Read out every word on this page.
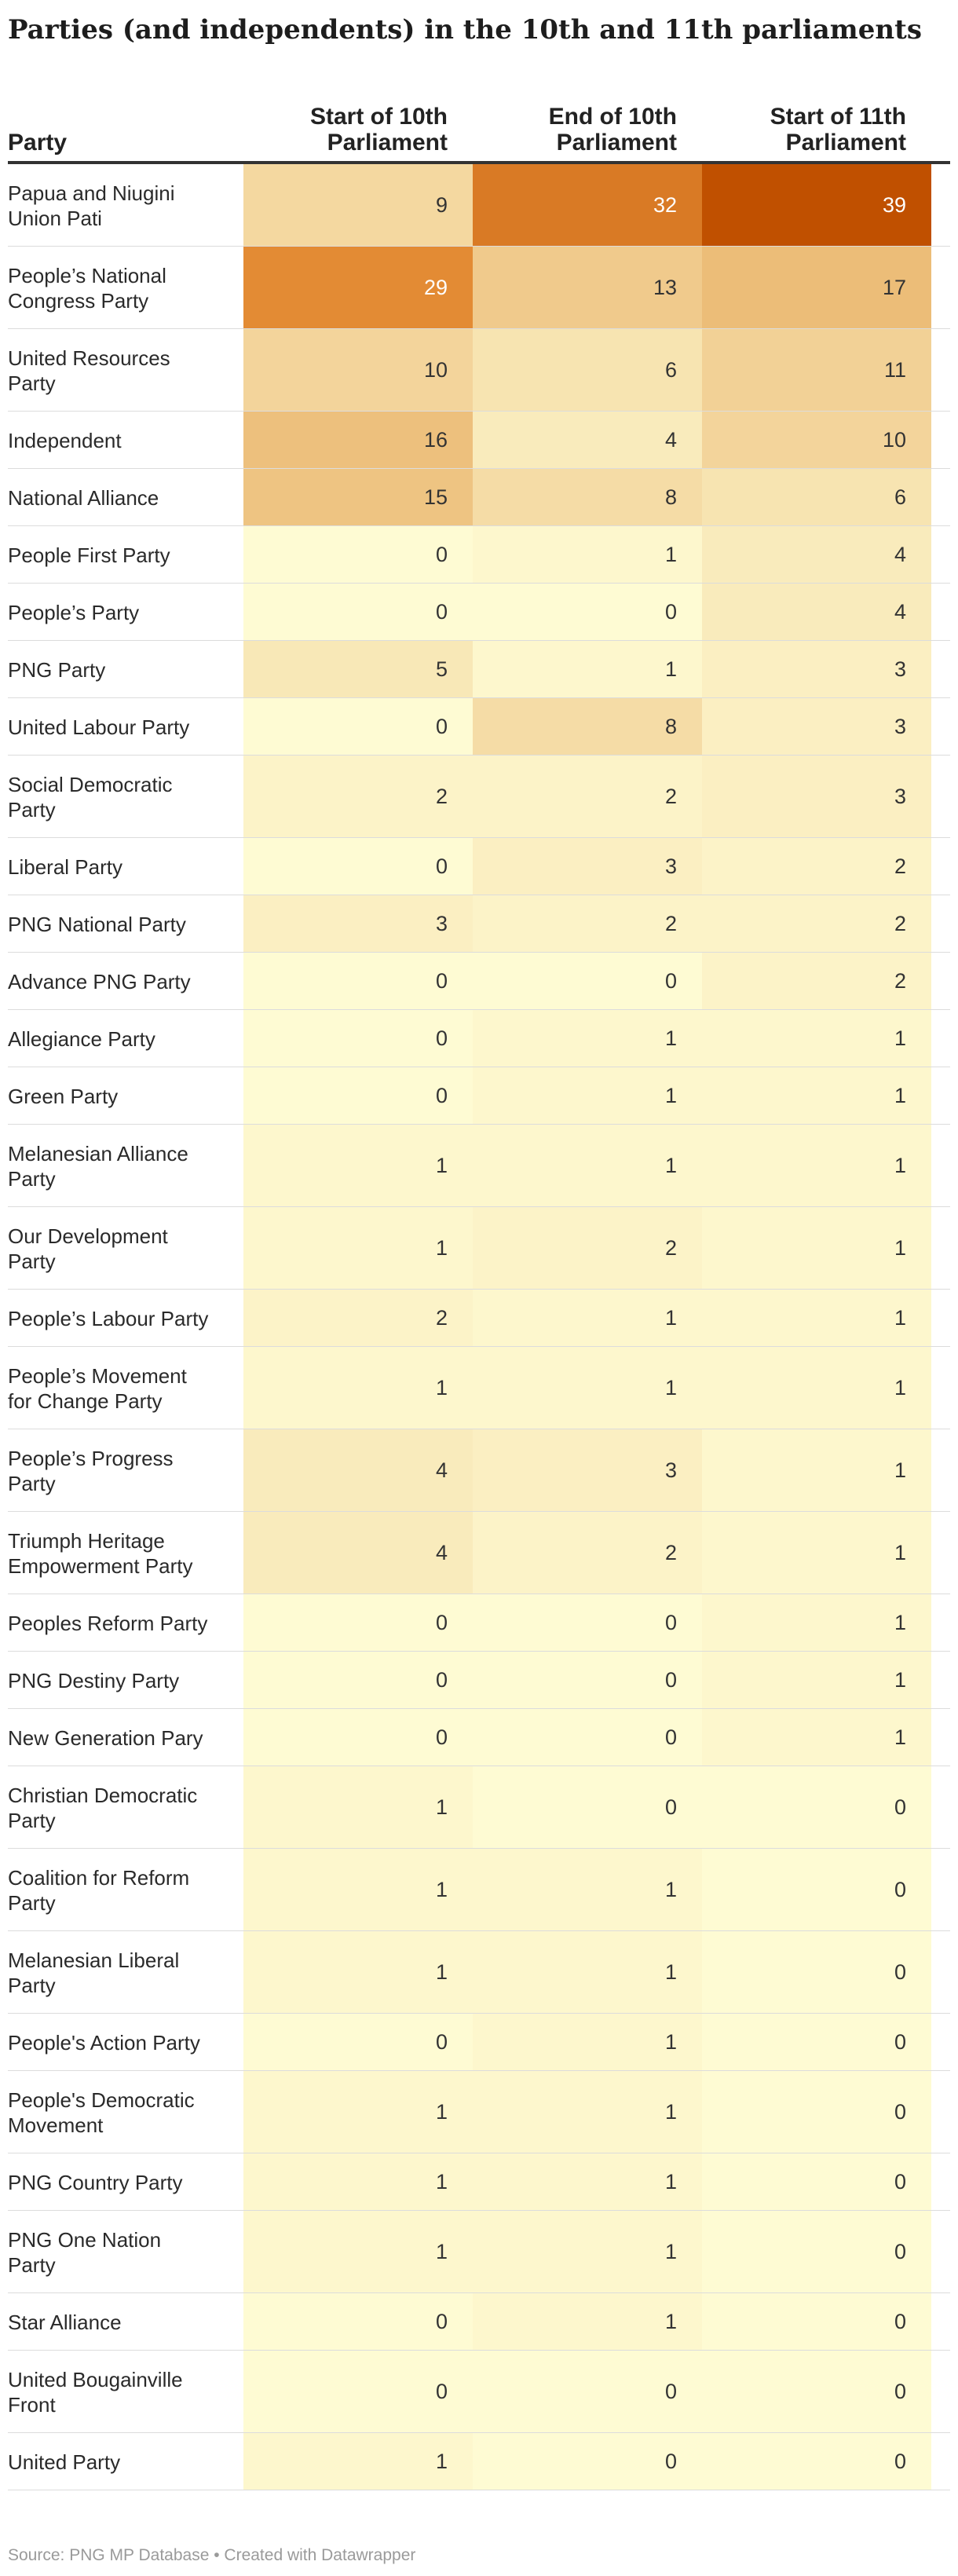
Parties (and independents) in the 10th and 11th parliaments
Party
Start of 10th
Parliament
End of 10th
Parliament
Start of 11th
Parliament
Papua and Niugini
Union Pati
9	32	39
People’s National
Congress Party
29	13	17
United Resources
Party
10	6	11
Independent	16	4	10
National Alliance	15	8	6
People First Party	0	1	4
People’s Party	0	0	4
PNG Party	5	1	3
United Labour Party	0	8	3
Social Democratic
Party
2	2	3
Liberal Party	0	3	2
PNG National Party	3	2	2
Advance PNG Party	0	0	2
Allegiance Party	0	1	1
Green Party	0	1	1
Melanesian Alliance
Party
1	1	1
Our Development
Party
1	2	1
People’s Labour Party	2	1	1
People’s Movement
for Change Party
1	1	1
People’s Progress
Party
4	3	1
Triumph Heritage
Empowerment Party
4	2	1
Peoples Reform Party	0	0	1
PNG Destiny Party	0	0	1
New Generation Pary	0	0	1
Christian Democratic
Party
1	0	0
Coalition for Reform
Party
1	1	0
Melanesian Liberal
Party
1	1	0
People's Action Party	0	1	0
People's Democratic
Movement
1	1	0
PNG Country Party	1	1	0
PNG One Nation
Party
1	1	0
Star Alliance	0	1	0
United Bougainville
Front
0	0	0
United Party	1	0	0
Source: PNG MP Database • Created with Datawrapper
